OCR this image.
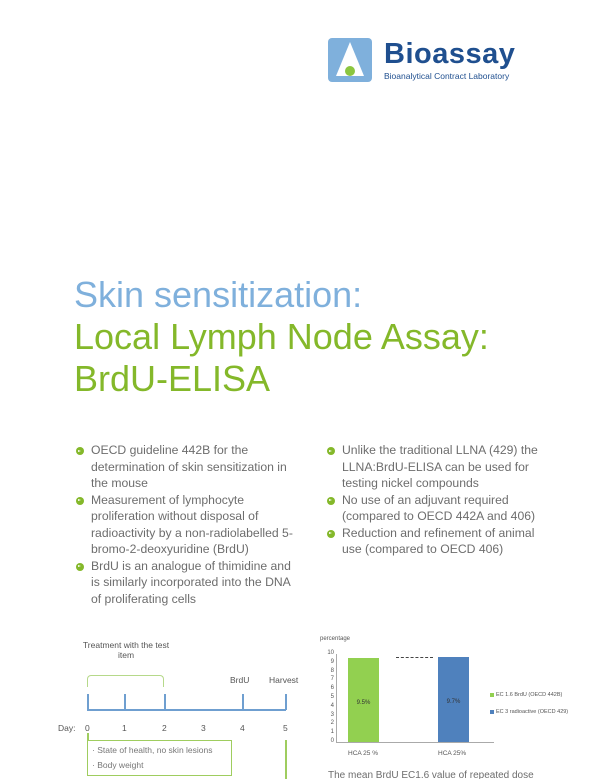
Bioassay
Bioanalytical Contract Laboratory
Skin sensitization:
Local Lymph Node Assay:
BrdU-ELISA
OECD guideline 442B for the determination of skin sensitization in the mouse
Measurement of lymphocyte proliferation without disposal of radioactivity by a non-radiolabelled 5-bromo-2-deoxyuridine (BrdU)
BrdU is an analogue of thimidine and is similarly incorporated into the DNA of proliferating cells
Unlike the traditional LLNA (429) the LLNA:BrdU-ELISA can be used for testing nickel compounds
No use of an adjuvant required (compared to OECD 442A and 406)
Reduction and refinement of animal use (compared to OECD 406)
Treatment with the test item
BrdU Harvest
Day: 0	1	2	3	4	5
· State of health, no skin lesions
· Body weight
percentage
10
9
8
7
6
5
4
3
2
1
0
9.5%	9.7%
HCA 25 %	HCA 25%
EC 1.6 BrdU (OECD 442B)
EC 3 radioactive (OECD 429)
The mean BrdU EC1.6 value of repeated dose
